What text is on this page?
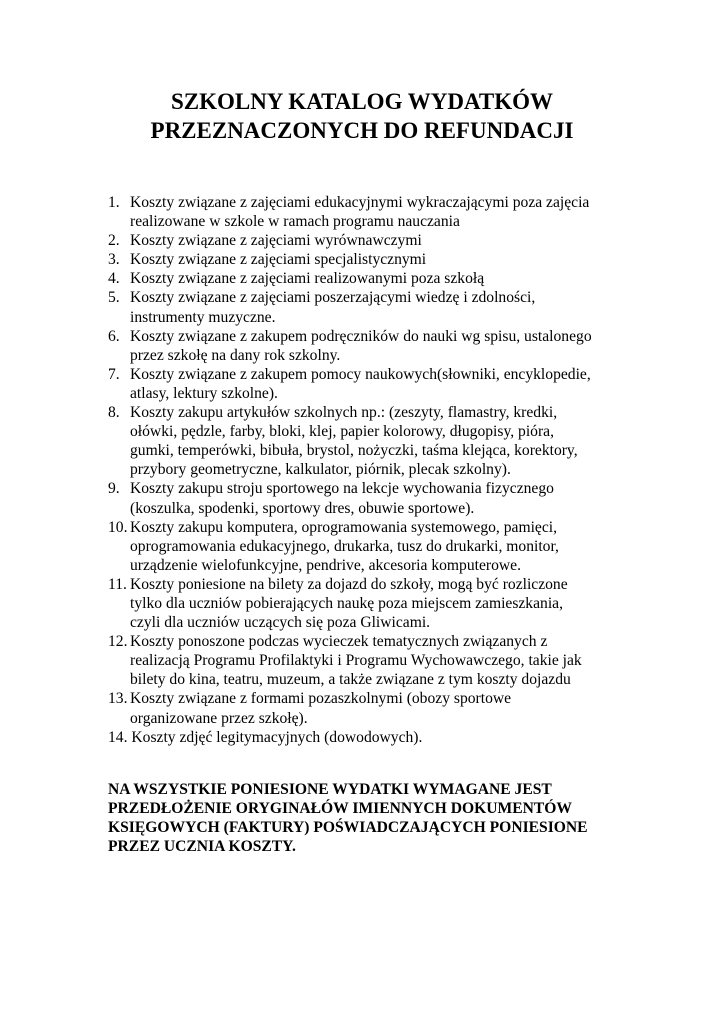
SZKOLNY KATALOG WYDATKÓW
PRZEZNACZONYCH DO REFUNDACJI
1. Koszty związane z zajęciami edukacyjnymi wykraczającymi poza zajęcia
realizowane w szkole w ramach programu nauczania
2. Koszty związane z zajęciami wyrównawczymi
3. Koszty związane z zajęciami specjalistycznymi
4. Koszty związane z zajęciami realizowanymi poza szkołą
5. Koszty związane z zajęciami poszerzającymi wiedzę i zdolności,
instrumenty muzyczne.
6. Koszty związane z zakupem podręczników do nauki wg spisu, ustalonego
przez szkołę na dany rok szkolny.
7. Koszty związane z zakupem pomocy naukowych(słowniki, encyklopedie,
atlasy, lektury szkolne).
8. Koszty zakupu artykułów szkolnych np.: (zeszyty, flamastry, kredki,
ołówki, pędzle, farby, bloki, klej, papier kolorowy, długopisy, pióra,
gumki, temperówki, bibuła, brystol, nożyczki, taśma klejąca, korektory,
przybory geometryczne, kalkulator, piórnik, plecak szkolny).
9. Koszty zakupu stroju sportowego na lekcje wychowania fizycznego
(koszulka, spodenki, sportowy dres, obuwie sportowe).
10. Koszty zakupu komputera, oprogramowania systemowego, pamięci,
oprogramowania edukacyjnego, drukarka, tusz do drukarki, monitor,
urządzenie wielofunkcyjne, pendrive, akcesoria komputerowe.
11. Koszty poniesione na bilety za dojazd do szkoły, mogą być rozliczone
tylko dla uczniów pobierających naukę poza miejscem zamieszkania,
czyli dla uczniów uczących się poza Gliwicami.
12. Koszty ponoszone podczas wycieczek tematycznych związanych z
realizacją Programu Profilaktyki i Programu Wychowawczego, takie jak
bilety do kina, teatru, muzeum, a także związane z tym koszty dojazdu
13. Koszty związane z formami pozaszkolnymi (obozy sportowe
organizowane przez szkołę).
14. Koszty zdjęć legitymacyjnych (dowodowych).
NA WSZYSTKIE PONIESIONE WYDATKI WYMAGANE JEST
PRZEDŁOŻENIE ORYGINAŁÓW IMIENNYCH DOKUMENTÓW
KSIĘGOWYCH (FAKTURY) POŚWIADCZAJĄCYCH PONIESIONE
PRZEZ UCZNIA KOSZTY.
